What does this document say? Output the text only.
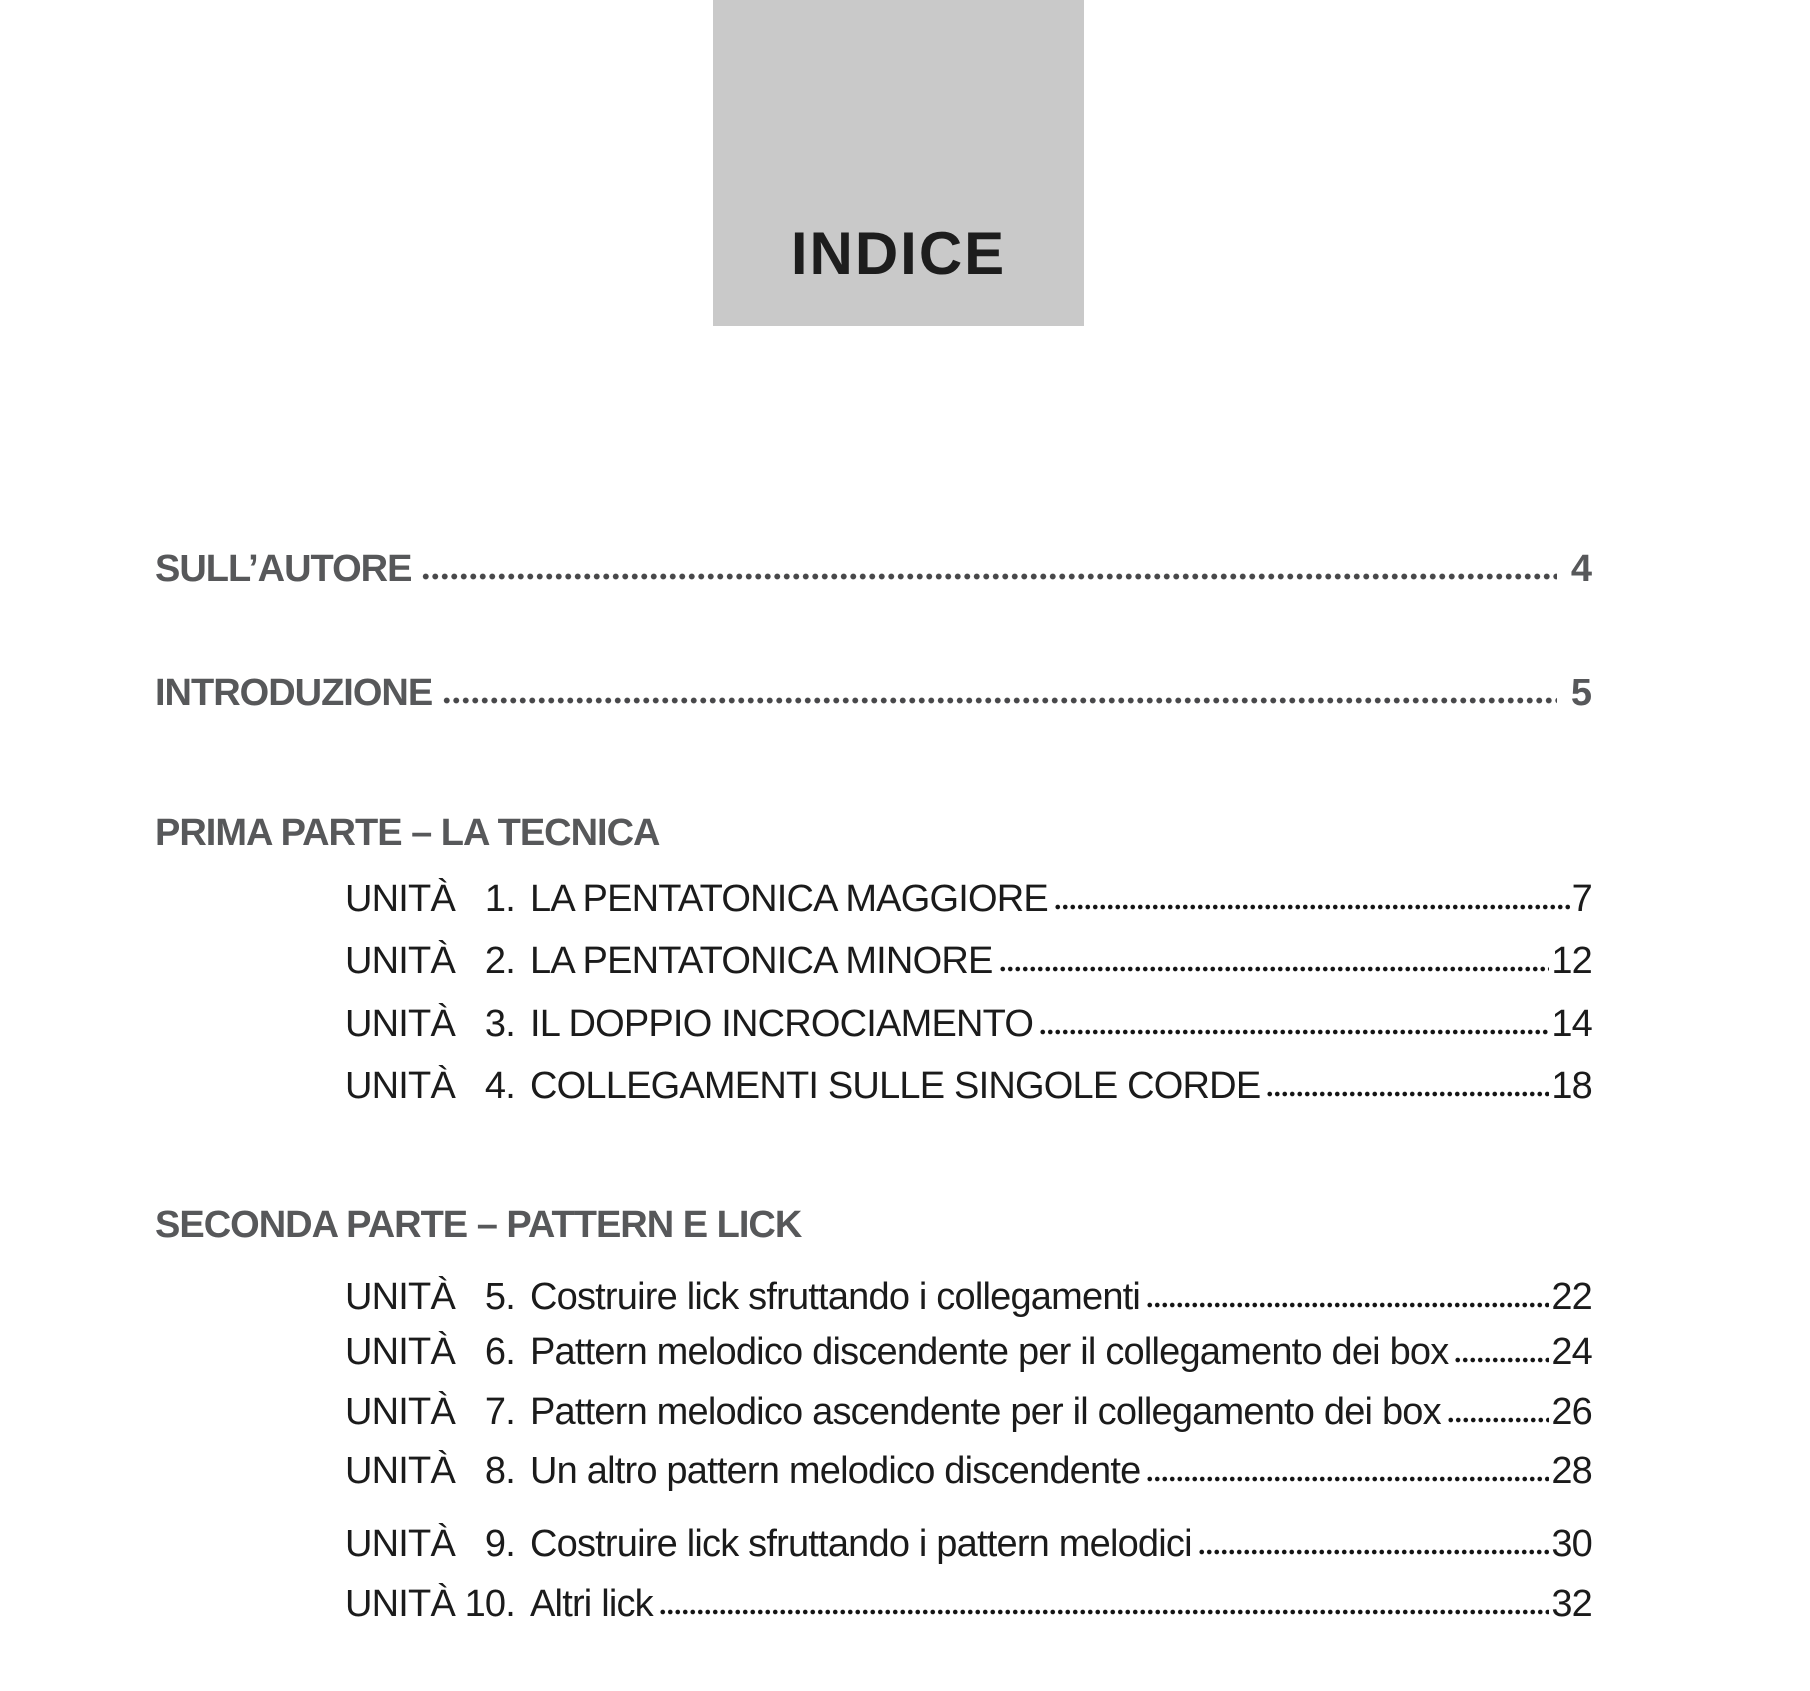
INDICE
SULL’AUTORE	4
INTRODUZIONE	5
PRIMA PARTE – LA TECNICA
UNITÀ 1. LA PENTATONICA MAGGIORE	7
UNITÀ 2. LA PENTATONICA MINORE	12
UNITÀ 3. IL DOPPIO INCROCIAMENTO	14
UNITÀ 4. COLLEGAMENTI SULLE SINGOLE CORDE	18
SECONDA PARTE – PATTERN E LICK
UNITÀ 5. Costruire lick sfruttando i collegamenti	22
UNITÀ 6. Pattern melodico discendente per il collegamento dei box	24
UNITÀ 7. Pattern melodico ascendente per il collegamento dei box	26
UNITÀ 8. Un altro pattern melodico discendente	28
UNITÀ 9. Costruire lick sfruttando i pattern melodici	30
UNITÀ 10. Altri lick	32
